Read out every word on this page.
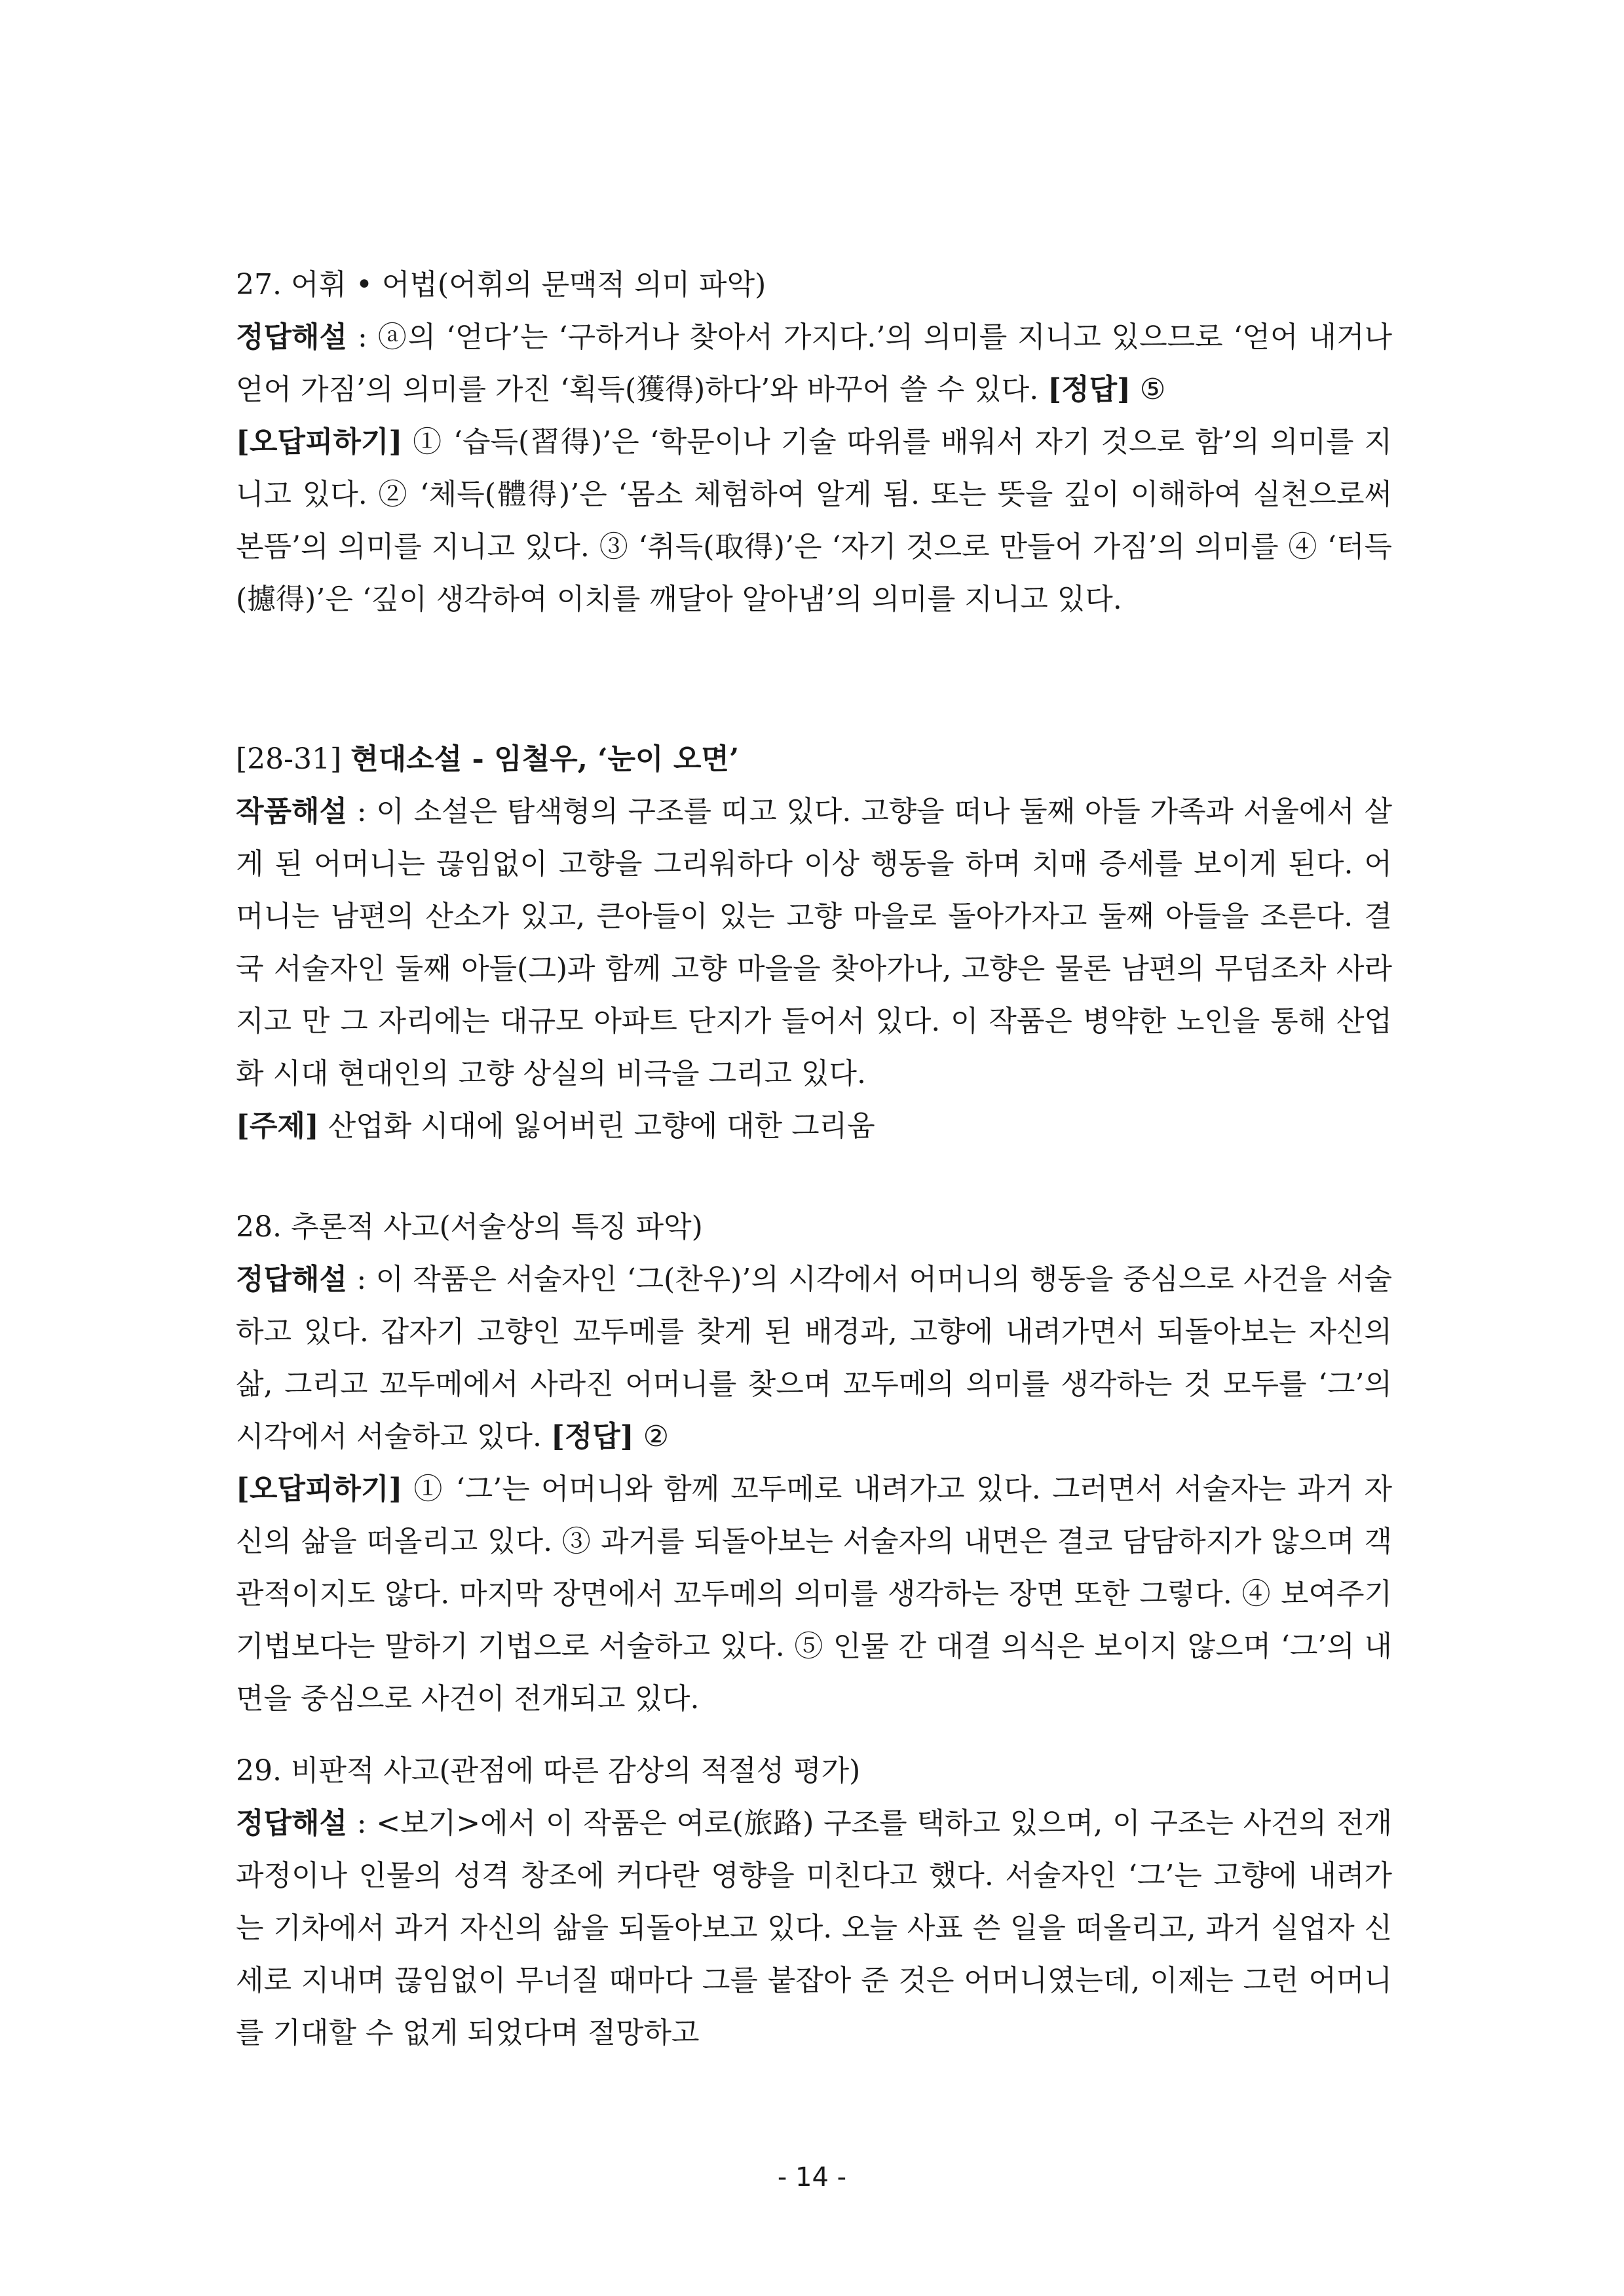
27. 어휘 • 어법(어휘의 문맥적 의미 파악)

정답해설 : ⓐ의 ‘얻다’는 ‘구하거나 찾아서 가지다.’의 의미를 지니고 있으므로 ‘얻어 내거나 얻어 가짐’의 의미를 가진 ‘획득(獲得)하다’와 바꾸어 쓸 수 있다. [정답] ⑤

[오답피하기] ① ‘습득(習得)’은 ‘학문이나 기술 따위를 배워서 자기 것으로 함’의 의미를 지니고 있다. ② ‘체득(體得)’은 ‘몸소 체험하여 알게 됨. 또는 뜻을 깊이 이해하여 실천으로써 본뜸’의 의미를 지니고 있다. ③ ‘취득(取得)’은 ‘자기 것으로 만들어 가짐’의 의미를 ④ ‘터득(攄得)’은 ‘깊이 생각하여 이치를 깨달아 알아냄’의 의미를 지니고 있다.

[28-31] 현대소설 - 임철우, ‘눈이 오면’

작품해설 : 이 소설은 탐색형의 구조를 띠고 있다. 고향을 떠나 둘째 아들 가족과 서울에서 살게 된 어머니는 끊임없이 고향을 그리워하다 이상 행동을 하며 치매 증세를 보이게 된다. 어머니는 남편의 산소가 있고, 큰아들이 있는 고향 마을로 돌아가자고 둘째 아들을 조른다. 결국 서술자인 둘째 아들(그)과 함께 고향 마을을 찾아가나, 고향은 물론 남편의 무덤조차 사라지고 만 그 자리에는 대규모 아파트 단지가 들어서 있다. 이 작품은 병약한 노인을 통해 산업화 시대 현대인의 고향 상실의 비극을 그리고 있다.

[주제] 산업화 시대에 잃어버린 고향에 대한 그리움

28. 추론적 사고(서술상의 특징 파악)

정답해설 : 이 작품은 서술자인 ‘그(찬우)’의 시각에서 어머니의 행동을 중심으로 사건을 서술하고 있다. 갑자기 고향인 꼬두메를 찾게 된 배경과, 고향에 내려가면서 되돌아보는 자신의 삶, 그리고 꼬두메에서 사라진 어머니를 찾으며 꼬두메의 의미를 생각하는 것 모두를 ‘그’의 시각에서 서술하고 있다. [정답] ②

[오답피하기] ① ‘그’는 어머니와 함께 꼬두메로 내려가고 있다. 그러면서 서술자는 과거 자신의 삶을 떠올리고 있다. ③ 과거를 되돌아보는 서술자의 내면은 결코 담담하지가 않으며 객관적이지도 않다. 마지막 장면에서 꼬두메의 의미를 생각하는 장면 또한 그렇다. ④ 보여주기 기법보다는 말하기 기법으로 서술하고 있다. ⑤ 인물 간 대결 의식은 보이지 않으며 ‘그’의 내면을 중심으로 사건이 전개되고 있다.

29. 비판적 사고(관점에 따른 감상의 적절성 평가)

정답해설 : <보기>에서 이 작품은 여로(旅路) 구조를 택하고 있으며, 이 구조는 사건의 전개 과정이나 인물의 성격 창조에 커다란 영향을 미친다고 했다. 서술자인 ‘그’는 고향에 내려가는 기차에서 과거 자신의 삶을 되돌아보고 있다. 오늘 사표 쓴 일을 떠올리고, 과거 실업자 신세로 지내며 끊임없이 무너질 때마다 그를 붙잡아 준 것은 어머니였는데, 이제는 그런 어머니를 기대할 수 없게 되었다며 절망하고

- 14 -
